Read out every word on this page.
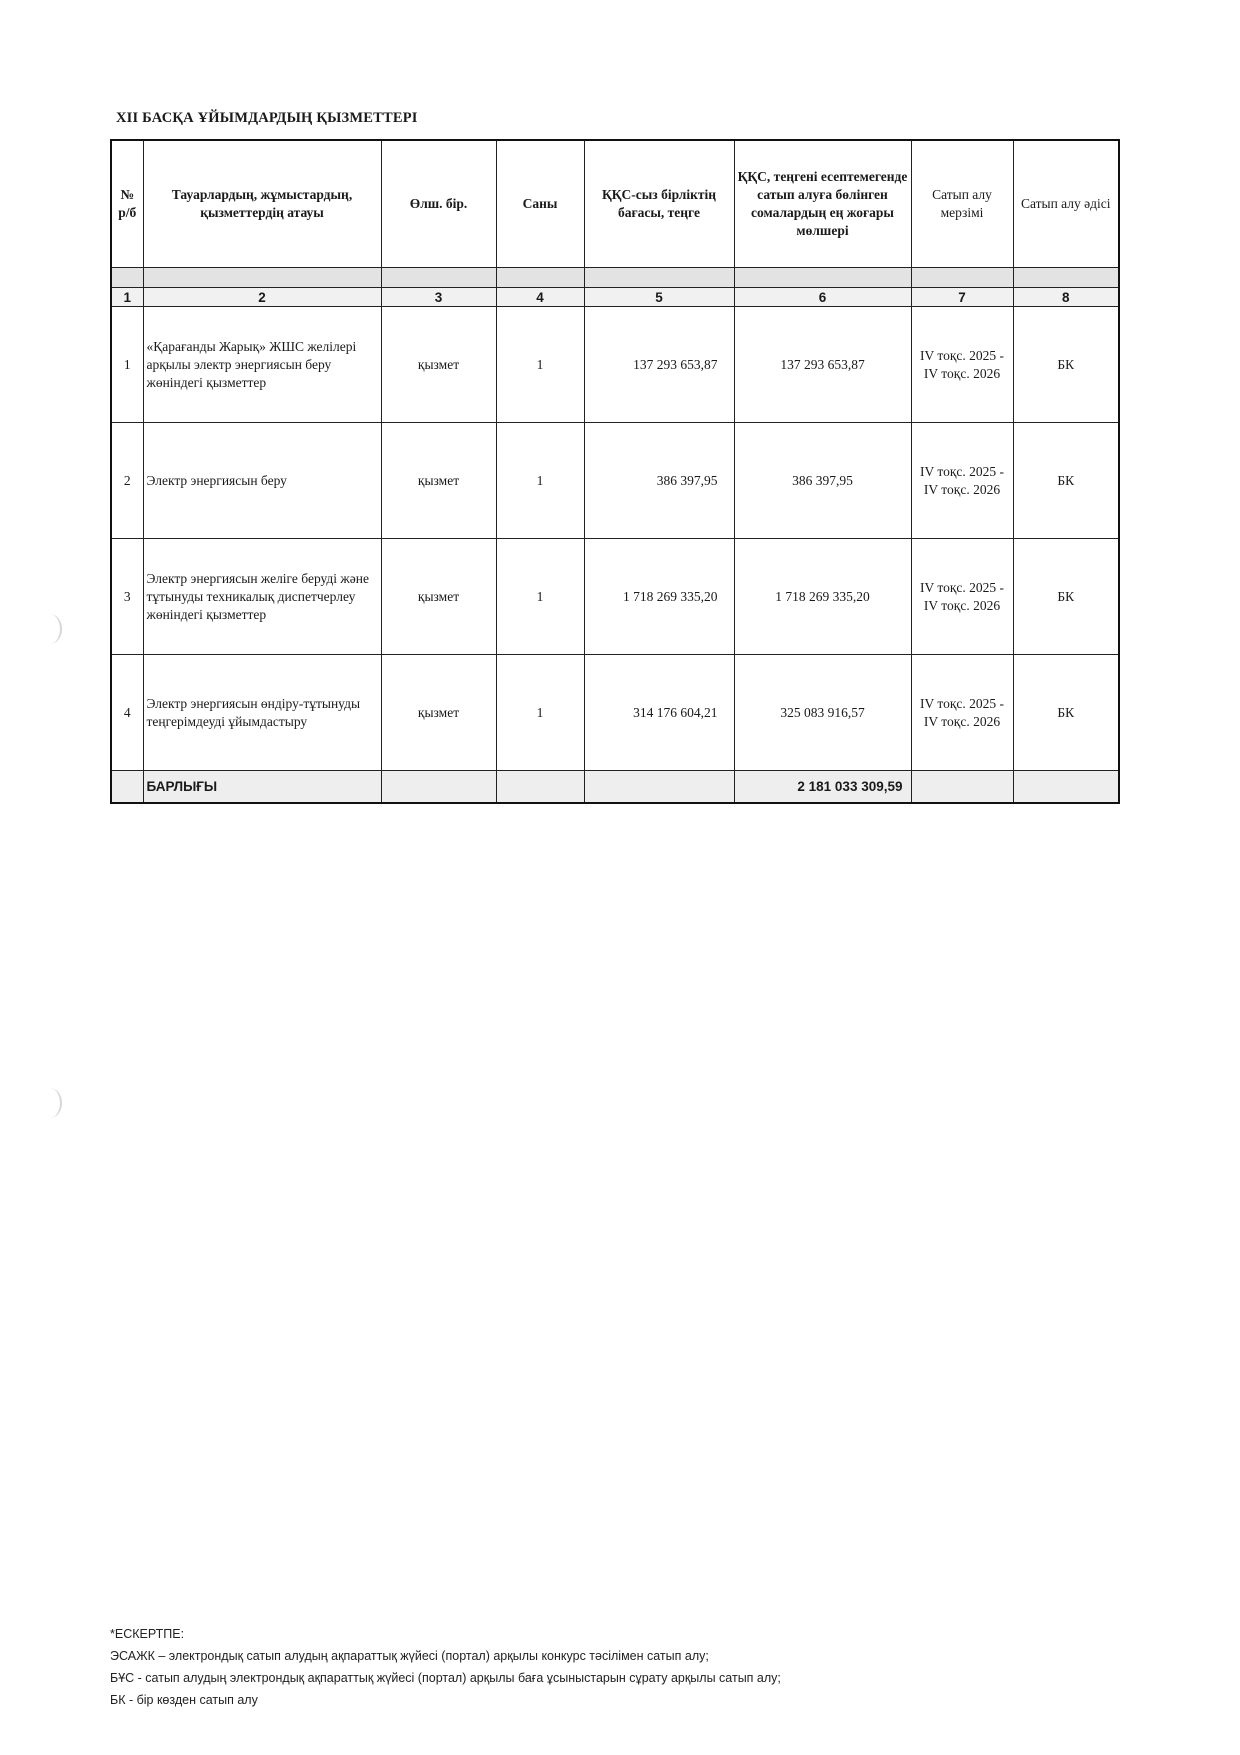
ХІІ БАСҚА ҰЙЫМДАРДЫҢ ҚЫЗМЕТТЕРІ
№ р/б	Тауарлардың, жұмыстардың, қызметтердің атауы	Өлш. бір.	Саны	ҚҚС-сыз бірліктің бағасы, теңге	ҚҚС, теңгені есептемегенде сатып алуға бөлінген сомалардың ең жоғары мөлшері	Сатып алу мерзімі	Сатып алу әдісі

1	2	3	4	5	6	7	8
1	«Қарағанды Жарық» ЖШС желілері арқылы электр энергиясын беру жөніндегі қызметтер	қызмет	1	137 293 653,87	137 293 653,87	IV тоқс. 2025 - IV тоқс. 2026	БК
2	Электр энергиясын беру	қызмет	1	386 397,95	386 397,95	IV тоқс. 2025 - IV тоқс. 2026	БК
3	Электр энергиясын желіге беруді және тұтынуды техникалық диспетчерлеу жөніндегі қызметтер	қызмет	1	1 718 269 335,20	1 718 269 335,20	IV тоқс. 2025 - IV тоқс. 2026	БК
4	Электр энергиясын өндіру-тұтынуды теңгерімдеуді ұйымдастыру	қызмет	1	314 176 604,21	325 083 916,57	IV тоқс. 2025 - IV тоқс. 2026	БК
	БАРЛЫҒЫ				2 181 033 309,59		
*ЕСКЕРТПЕ:
ЭСАЖК – электрондық сатып алудың ақпараттық жүйесі (портал) арқылы конкурс тәсілімен сатып алу;
БҰС - сатып алудың электрондық ақпараттық жүйесі (портал) арқылы баға ұсыныстарын сұрату арқылы сатып алу;
БК - бір көзден сатып алу
